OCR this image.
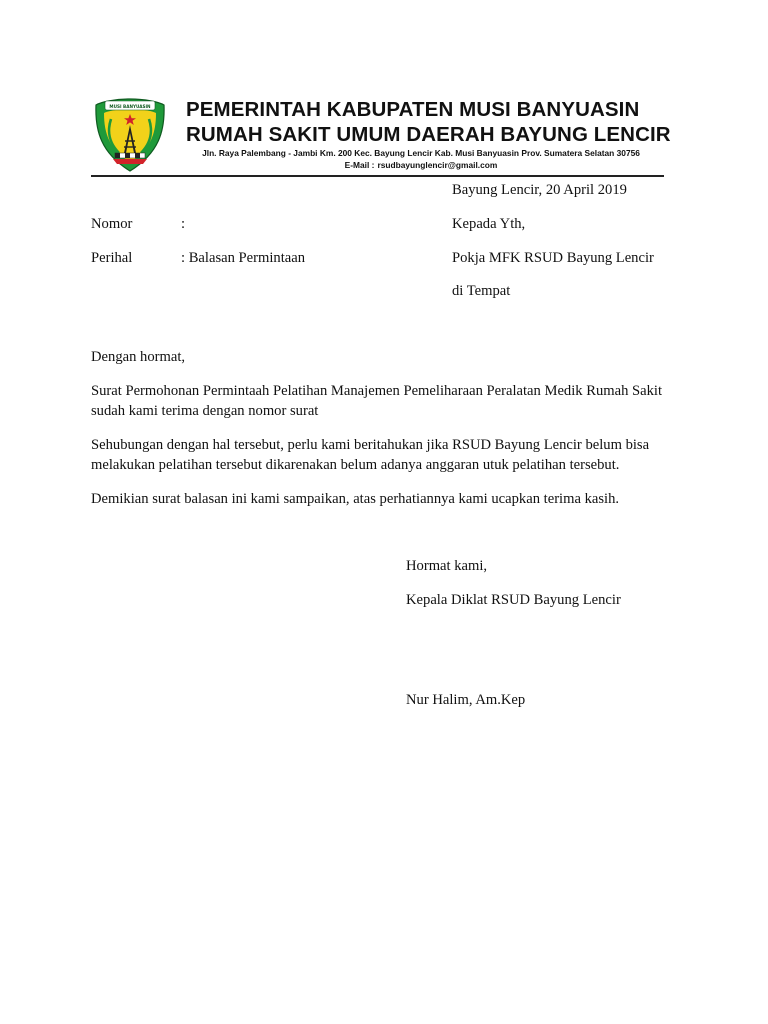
MUSI BANYUASIN PEMERINTAH KABUPATEN MUSI BANYUASIN
RUMAH SAKIT UMUM DAERAH BAYUNG LENCIR
Jln. Raya Palembang - Jambi Km. 200 Kec. Bayung Lencir Kab. Musi Banyuasin Prov. Sumatera Selatan 30756
E-Mail : rsudbayunglencir@gmail.com
Bayung Lencir, 20 April 2019
Nomor	:
Perihal	: Balasan Permintaan
Kepada Yth,
Pokja MFK RSUD Bayung Lencir
di Tempat
Dengan hormat,
Surat Permohonan Permintaah Pelatihan Manajemen Pemeliharaan Peralatan Medik Rumah Sakit sudah kami terima dengan nomor surat
Sehubungan dengan hal tersebut, perlu kami beritahukan jika RSUD Bayung Lencir belum bisa melakukan pelatihan tersebut dikarenakan belum adanya anggaran utuk pelatihan tersebut.
Demikian surat balasan ini kami sampaikan, atas perhatiannya kami ucapkan terima kasih.
Hormat kami,
Kepala Diklat RSUD Bayung Lencir
Nur Halim, Am.Kep
